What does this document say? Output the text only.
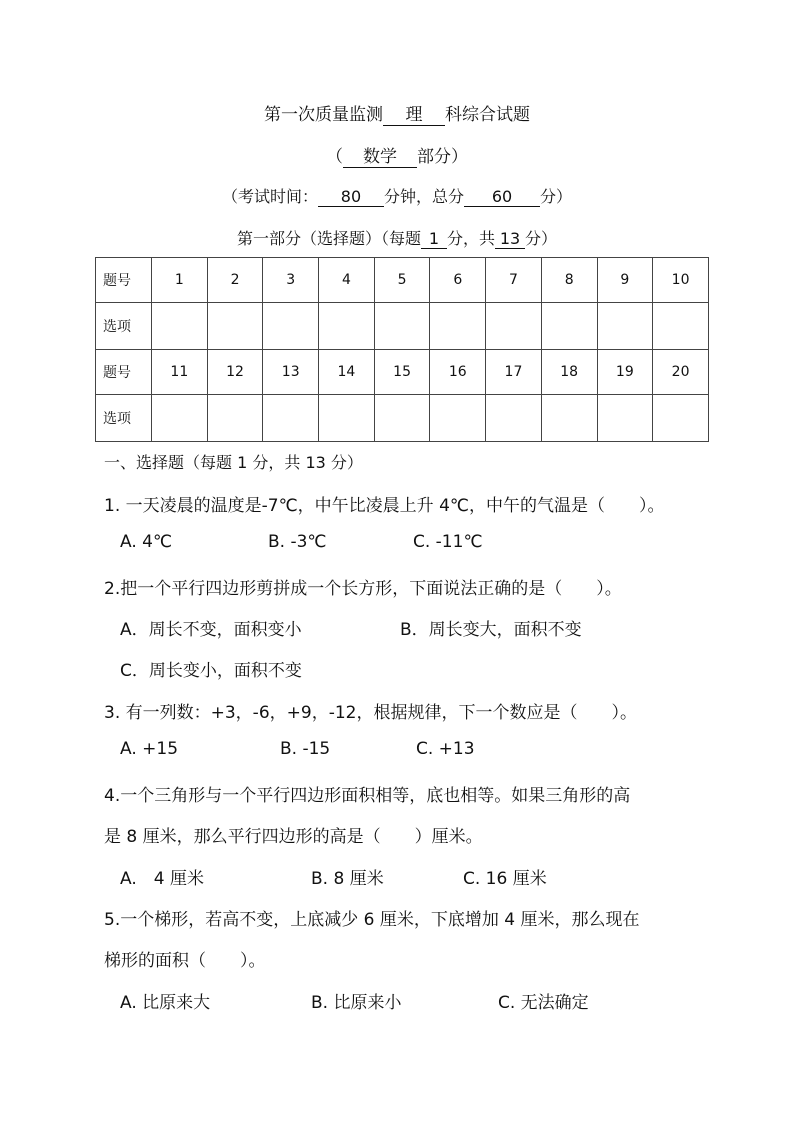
第一次质量监测 理 科综合试题
（ 数学 部分）
（考试时间： 80 分钟，总分 60 分）
第一部分（选择题）（每题 1 分，共 13 分）
题号	1	2	3	4	5	6	7	8	9	10
选项										
题号	11	12	13	14	15	16	17	18	19	20
选项										
一、选择题（每题 1 分，共 13 分）
1. 一天凌晨的温度是-7℃，中午比凌晨上升 4℃，中午的气温是（　　）。
A. 4℃	B. -3℃	C. -11℃
2.把一个平行四边形剪拼成一个长方形，下面说法正确的是（　　）。
A．周长不变，面积变小	B．周长变大，面积不变
C．周长变小，面积不变
3. 有一列数：+3，-6，+9，-12，根据规律，下一个数应是（　　）。
A. +15	B. -15	C. +13
4.一个三角形与一个平行四边形面积相等，底也相等。如果三角形的高
是 8 厘米，那么平行四边形的高是（　　）厘米。
A.　4 厘米	B. 8 厘米	C. 16 厘米
5.一个梯形，若高不变，上底减少 6 厘米，下底增加 4 厘米，那么现在
梯形的面积（　　）。
A. 比原来大	B. 比原来小	C. 无法确定
